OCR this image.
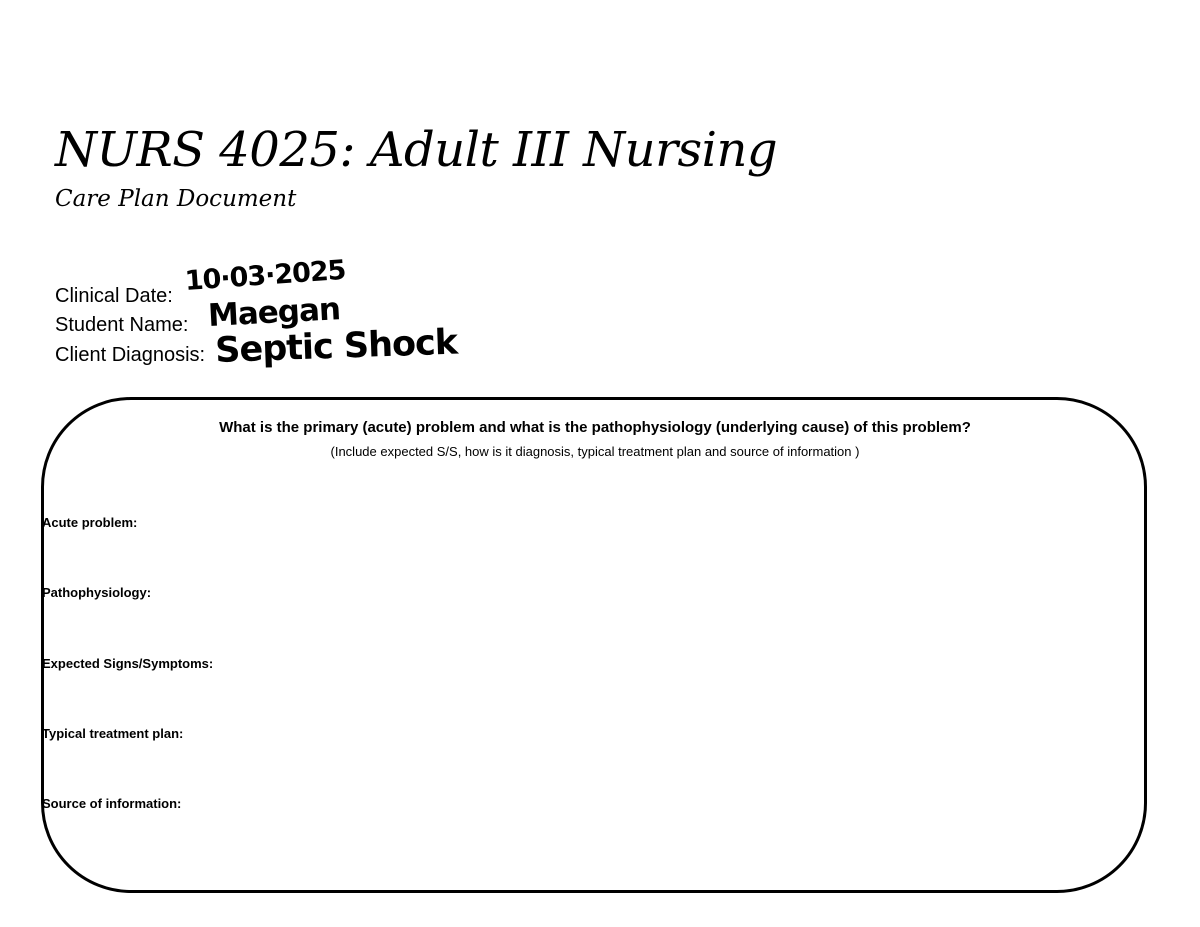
NURS 4025: Adult III Nursing
Care Plan Document
Clinical Date: 10·03·2025
Student Name: Maegan
Client Diagnosis: Septic Shock
What is the primary (acute) problem and what is the pathophysiology (underlying cause) of this problem?
(Include expected S/S, how is it diagnosis, typical treatment plan and source of information )
Acute problem:
Pathophysiology:
Expected Signs/Symptoms:
Typical treatment plan:
Source of information:
